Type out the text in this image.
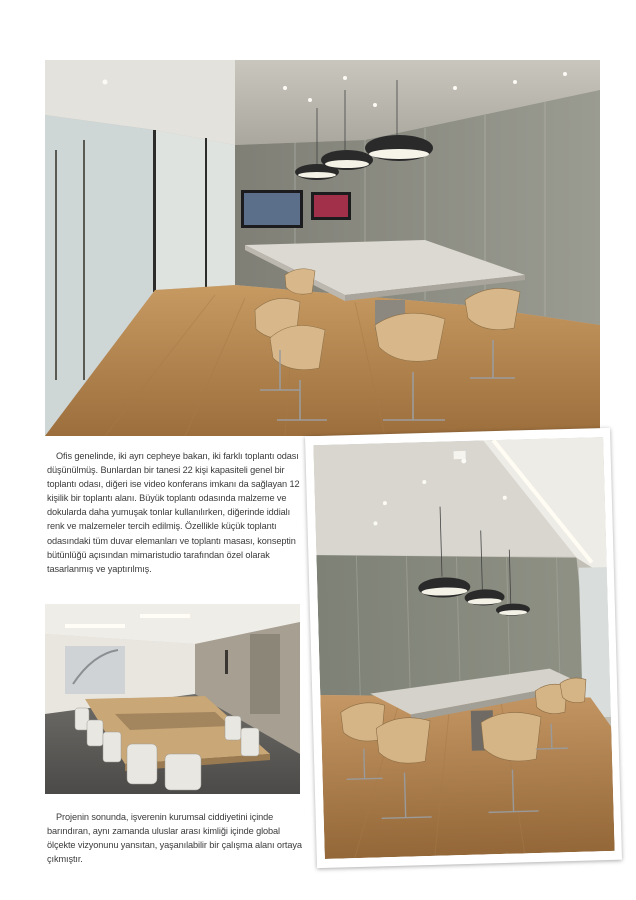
Ofis genelinde, iki ayrı cepheye bakan, iki farklı toplantı odası düşünülmüş. Bunlardan bir tanesi 22 kişi kapasiteli genel bir toplantı odası, diğeri ise video konferans imkanı da sağlayan 12 kişilik bir toplantı alanı. Büyük toplantı odasında malzeme ve dokularda daha yumuşak tonlar kullanılırken, diğerinde iddialı renk ve malzemeler tercih edilmiş. Özellikle küçük toplantı odasındaki tüm duvar elemanları ve toplantı masası, konseptin bütünlüğü açısından mimaristudio tarafından özel olarak tasarlanmış ve yaptırılmış.

Projenin sonunda, işverenin kurumsal ciddiyetini içinde barındıran, aynı zamanda uluslar arası kimliği içinde global ölçekte vizyonunu yansıtan, yaşanılabilir bir çalışma alanı ortaya çıkmıştır.
